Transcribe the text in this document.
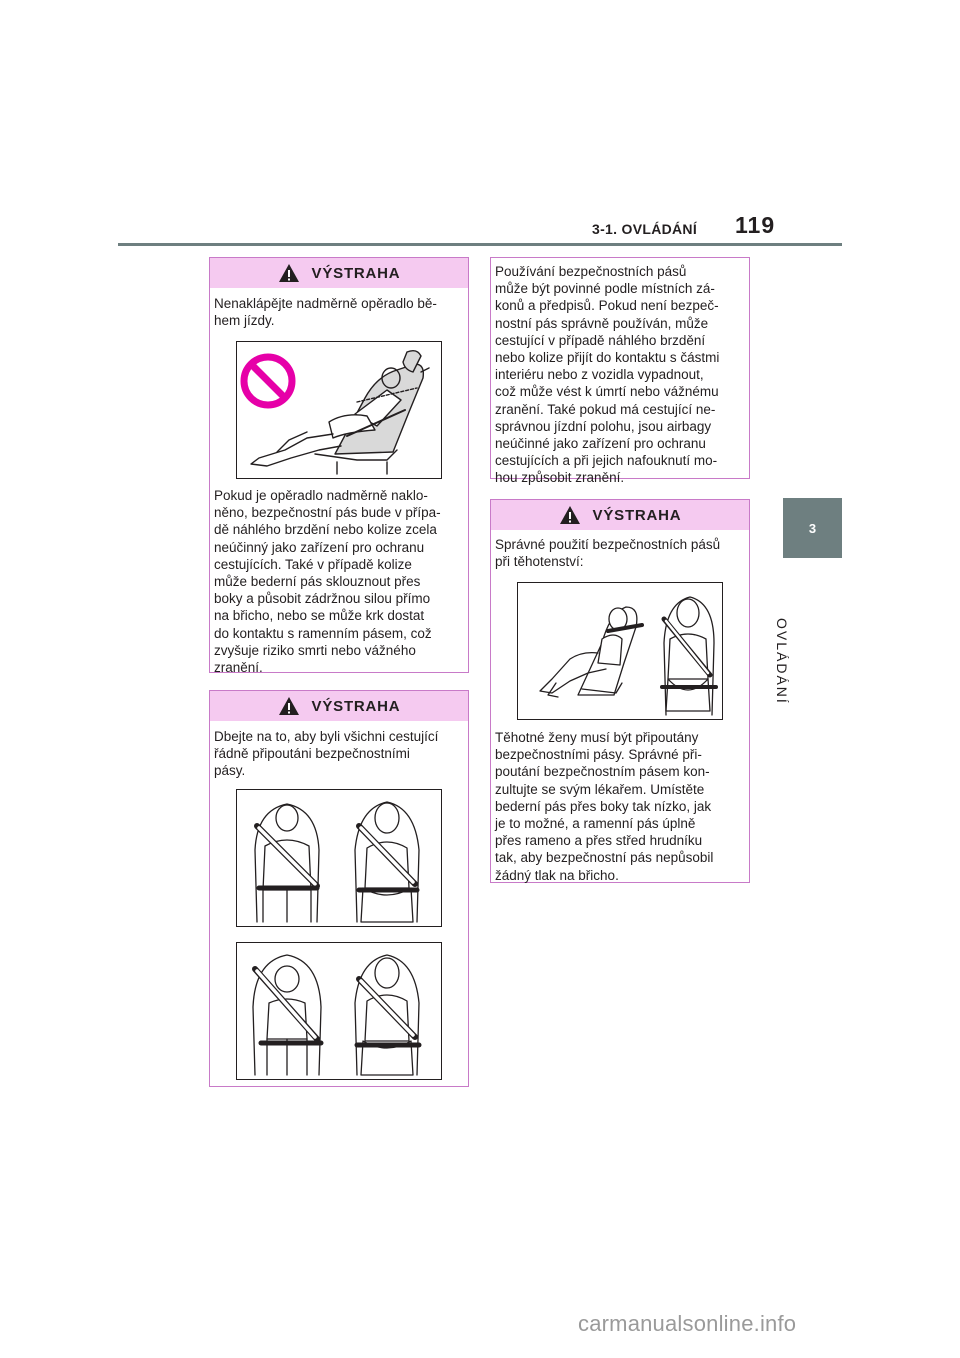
3-1. OVLÁDÁNÍ 119
3
OVLÁDÁNÍ
VÝSTRAHA
Nenaklápějte nadměrně opěradlo bě-
hem jízdy.
Pokud je opěradlo nadměrně naklo-
něno, bezpečnostní pás bude v přípa-
dě náhlého brzdění nebo kolize zcela
neúčinný jako zařízení pro ochranu
cestujících. Také v případě kolize
může bederní pás sklouznout přes
boky a působit zádržnou silou přímo
na břicho, nebo se může krk dostat
do kontaktu s ramenním pásem, což
zvyšuje riziko smrti nebo vážného
zranění.
VÝSTRAHA
Dbejte na to, aby byli všichni cestující
řádně připoutáni bezpečnostními
pásy.
Používání bezpečnostních pásů
může být povinné podle místních zá-
konů a předpisů. Pokud není bezpeč-
nostní pás správně používán, může
cestující v případě náhlého brzdění
nebo kolize přijít do kontaktu s částmi
interiéru nebo z vozidla vypadnout,
což může vést k úmrtí nebo vážnému
zranění. Také pokud má cestující ne-
správnou jízdní polohu, jsou airbagy
neúčinné jako zařízení pro ochranu
cestujících a při jejich nafouknutí mo-
hou způsobit zranění.
VÝSTRAHA
Správné použití bezpečnostních pásů
při těhotenství:
Těhotné ženy musí být připoutány
bezpečnostními pásy. Správné při-
poutání bezpečnostním pásem kon-
zultujte se svým lékařem. Umístěte
bederní pás přes boky tak nízko, jak
je to možné, a ramenní pás úplně
přes rameno a přes střed hrudníku
tak, aby bezpečnostní pás nepůsobil
žádný tlak na břicho.
carmanualsonline.info
